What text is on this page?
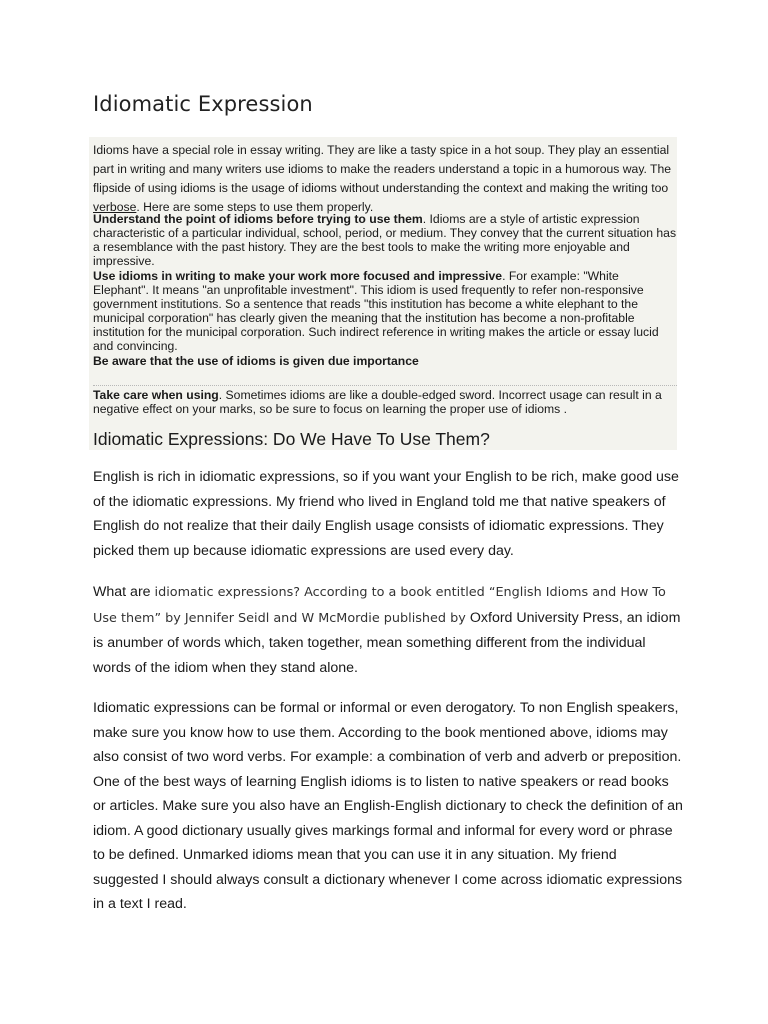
Idiomatic Expression

Idioms have a special role in essay writing. They are like a tasty spice in a hot soup. They play an essential part in writing and many writers use idioms to make the readers understand a topic in a humorous way. The flipside of using idioms is the usage of idioms without understanding the context and making the writing too verbose. Here are some steps to use them properly.

Understand the point of idioms before trying to use them. Idioms are a style of artistic expression characteristic of a particular individual, school, period, or medium. They convey that the current situation has a resemblance with the past history. They are the best tools to make the writing more enjoyable and impressive.

Use idioms in writing to make your work more focused and impressive. For example: "White Elephant". It means "an unprofitable investment". This idiom is used frequently to refer non-responsive government institutions. So a sentence that reads "this institution has become a white elephant to the municipal corporation" has clearly given the meaning that the institution has become a non-profitable institution for the municipal corporation. Such indirect reference in writing makes the article or essay lucid and convincing.

Be aware that the use of idioms is given due importance

Take care when using. Sometimes idioms are like a double-edged sword. Incorrect usage can result in a negative effect on your marks, so be sure to focus on learning the proper use of idioms .

Idiomatic Expressions: Do We Have To Use Them?

English is rich in idiomatic expressions, so if you want your English to be rich, make good use of the idiomatic expressions. My friend who lived in England told me that native speakers of English do not realize that their daily English usage consists of idiomatic expressions. They picked them up because idiomatic expressions are used every day.

What are idiomatic expressions? According to a book entitled “English Idioms and How To Use them” by Jennifer Seidl and W McMordie published by Oxford University Press, an idiom is anumber of words which, taken together, mean something different from the individual words of the idiom when they stand alone.

Idiomatic expressions can be formal or informal or even derogatory. To non English speakers, make sure you know how to use them. According to the book mentioned above, idioms may also consist of two word verbs. For example: a combination of verb and adverb or preposition. One of the best ways of learning English idioms is to listen to native speakers or read books or articles. Make sure you also have an English-English dictionary to check the definition of an idiom. A good dictionary usually gives markings formal and informal for every word or phrase to be defined. Unmarked idioms mean that you can use it in any situation. My friend suggested I should always consult a dictionary whenever I come across idiomatic expressions in a text I read.
